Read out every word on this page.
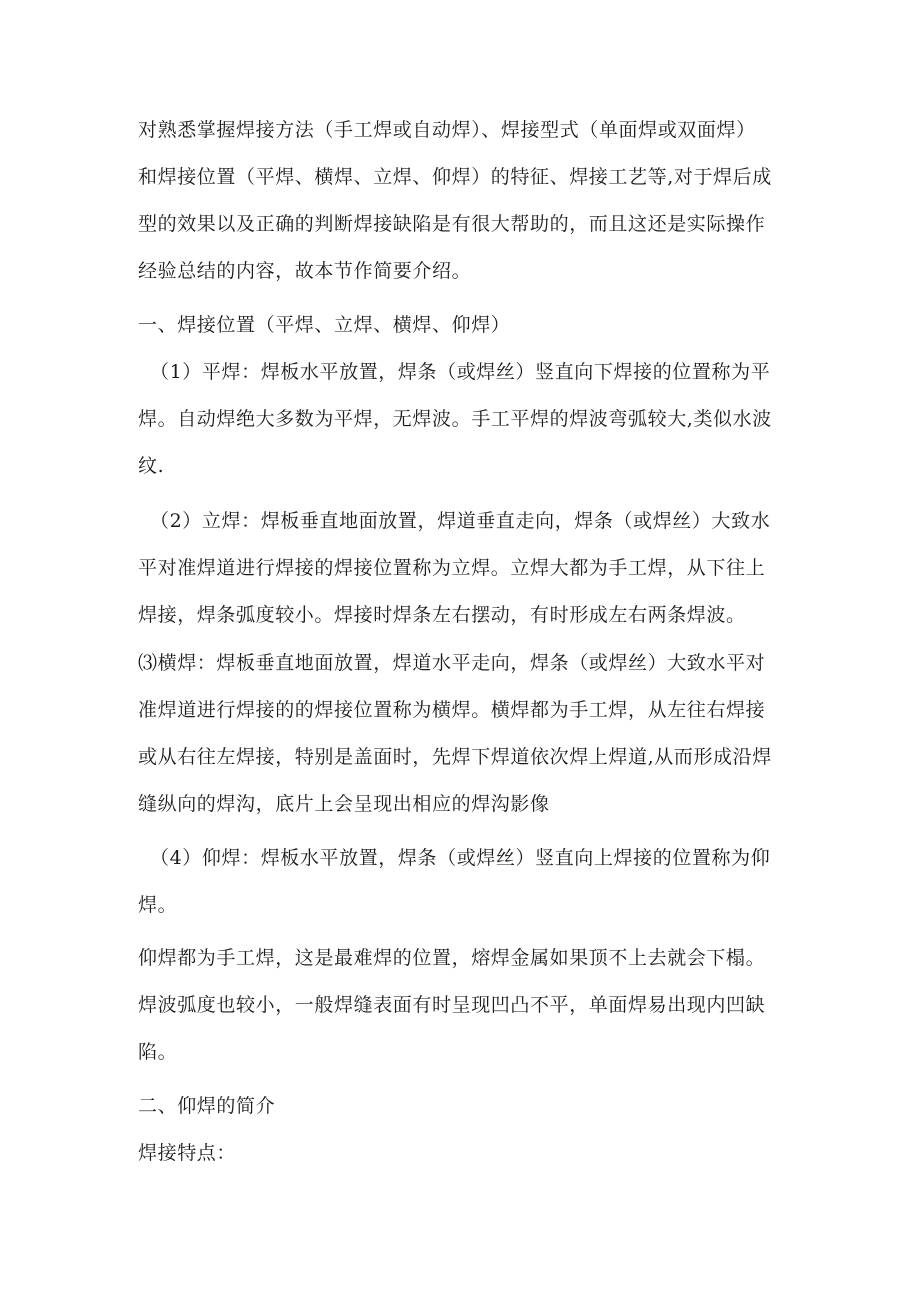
对熟悉掌握焊接方法（手工焊或自动焊）、焊接型式（单面焊或双面焊）
和焊接位置（平焊、横焊、立焊、仰焊）的特征、焊接工艺等,对于焊后成
型的效果以及正确的判断焊接缺陷是有很大帮助的，而且这还是实际操作
经验总结的内容，故本节作简要介绍。
一、焊接位置（平焊、立焊、横焊、仰焊）
（1）平焊：焊板水平放置，焊条（或焊丝）竖直向下焊接的位置称为平
焊。自动焊绝大多数为平焊，无焊波。手工平焊的焊波弯弧较大,类似水波
纹.
（2）立焊：焊板垂直地面放置，焊道垂直走向，焊条（或焊丝）大致水
平对准焊道进行焊接的焊接位置称为立焊。立焊大都为手工焊，从下往上
焊接，焊条弧度较小。焊接时焊条左右摆动，有时形成左右两条焊波。
⑶横焊：焊板垂直地面放置，焊道水平走向，焊条（或焊丝）大致水平对
准焊道进行焊接的的焊接位置称为横焊。横焊都为手工焊，从左往右焊接
或从右往左焊接，特别是盖面时，先焊下焊道依次焊上焊道,从而形成沿焊
缝纵向的焊沟，底片上会呈现出相应的焊沟影像
（4）仰焊：焊板水平放置，焊条（或焊丝）竖直向上焊接的位置称为仰
焊。
仰焊都为手工焊，这是最难焊的位置，熔焊金属如果顶不上去就会下榻。
焊波弧度也较小，一般焊缝表面有时呈现凹凸不平，单面焊易出现内凹缺
陷。
二、仰焊的简介
焊接特点：
